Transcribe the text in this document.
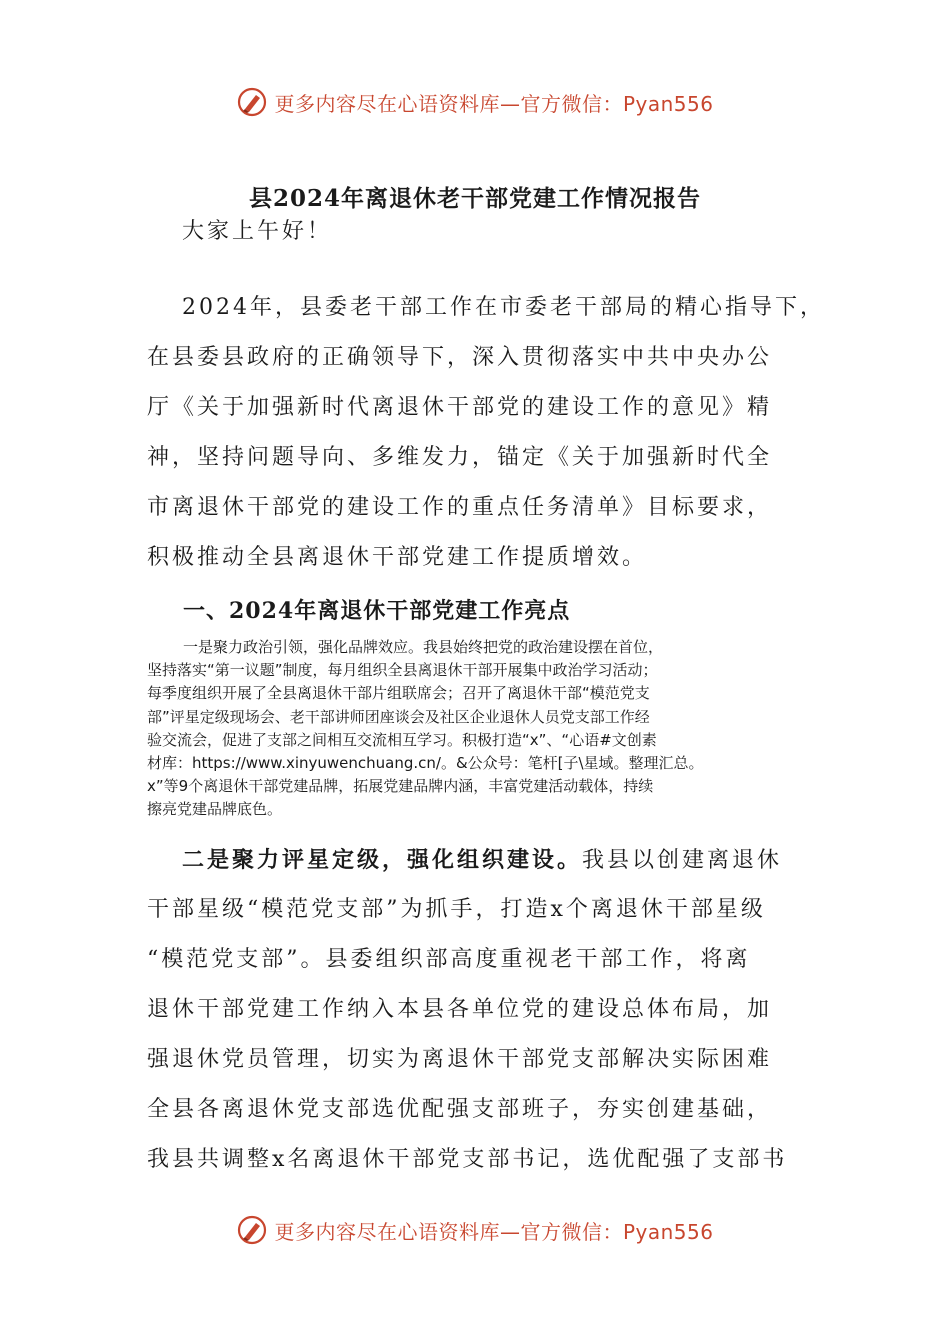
更多内容尽在心语资料库—官方微信：Pyan556
县2024年离退休老干部党建工作情况报告

大家上午好！

2024年，县委老干部工作在市委老干部局的精心指导下，
在县委县政府的正确领导下，深入贯彻落实中共中央办公
厅《关于加强新时代离退休干部党的建设工作的意见》精
神，坚持问题导向、多维发力，锚定《关于加强新时代全
市离退休干部党的建设工作的重点任务清单》目标要求，
积极推动全县离退休干部党建工作提质增效。

一、2024年离退休干部党建工作亮点

一是聚力政治引领，强化品牌效应。我县始终把党的政治建设摆在首位，
坚持落实“第一议题”制度，每月组织全县离退休干部开展集中政治学习活动；
每季度组织开展了全县离退休干部片组联席会；召开了离退休干部“模范党支
部”评星定级现场会、老干部讲师团座谈会及社区企业退休人员党支部工作经
验交流会，促进了支部之间相互交流相互学习。积极打造“x”、“心语#文创素
材库：https://www.xinyuwenchuang.cn/。&公众号：笔杆[子\星域。整理汇总。
x”等9个离退休干部党建品牌，拓展党建品牌内涵，丰富党建活动载体，持续
擦亮党建品牌底色。

二是聚力评星定级，强化组织建设。我县以创建离退休
干部星级“模范党支部”为抓手，打造x个离退休干部星级
“模范党支部”。县委组织部高度重视老干部工作，将离
退休干部党建工作纳入本县各单位党的建设总体布局，加
强退休党员管理，切实为离退休干部党支部解决实际困难
全县各离退休党支部选优配强支部班子，夯实创建基础，
我县共调整x名离退休干部党支部书记，选优配强了支部书

更多内容尽在心语资料库—官方微信：Pyan556
